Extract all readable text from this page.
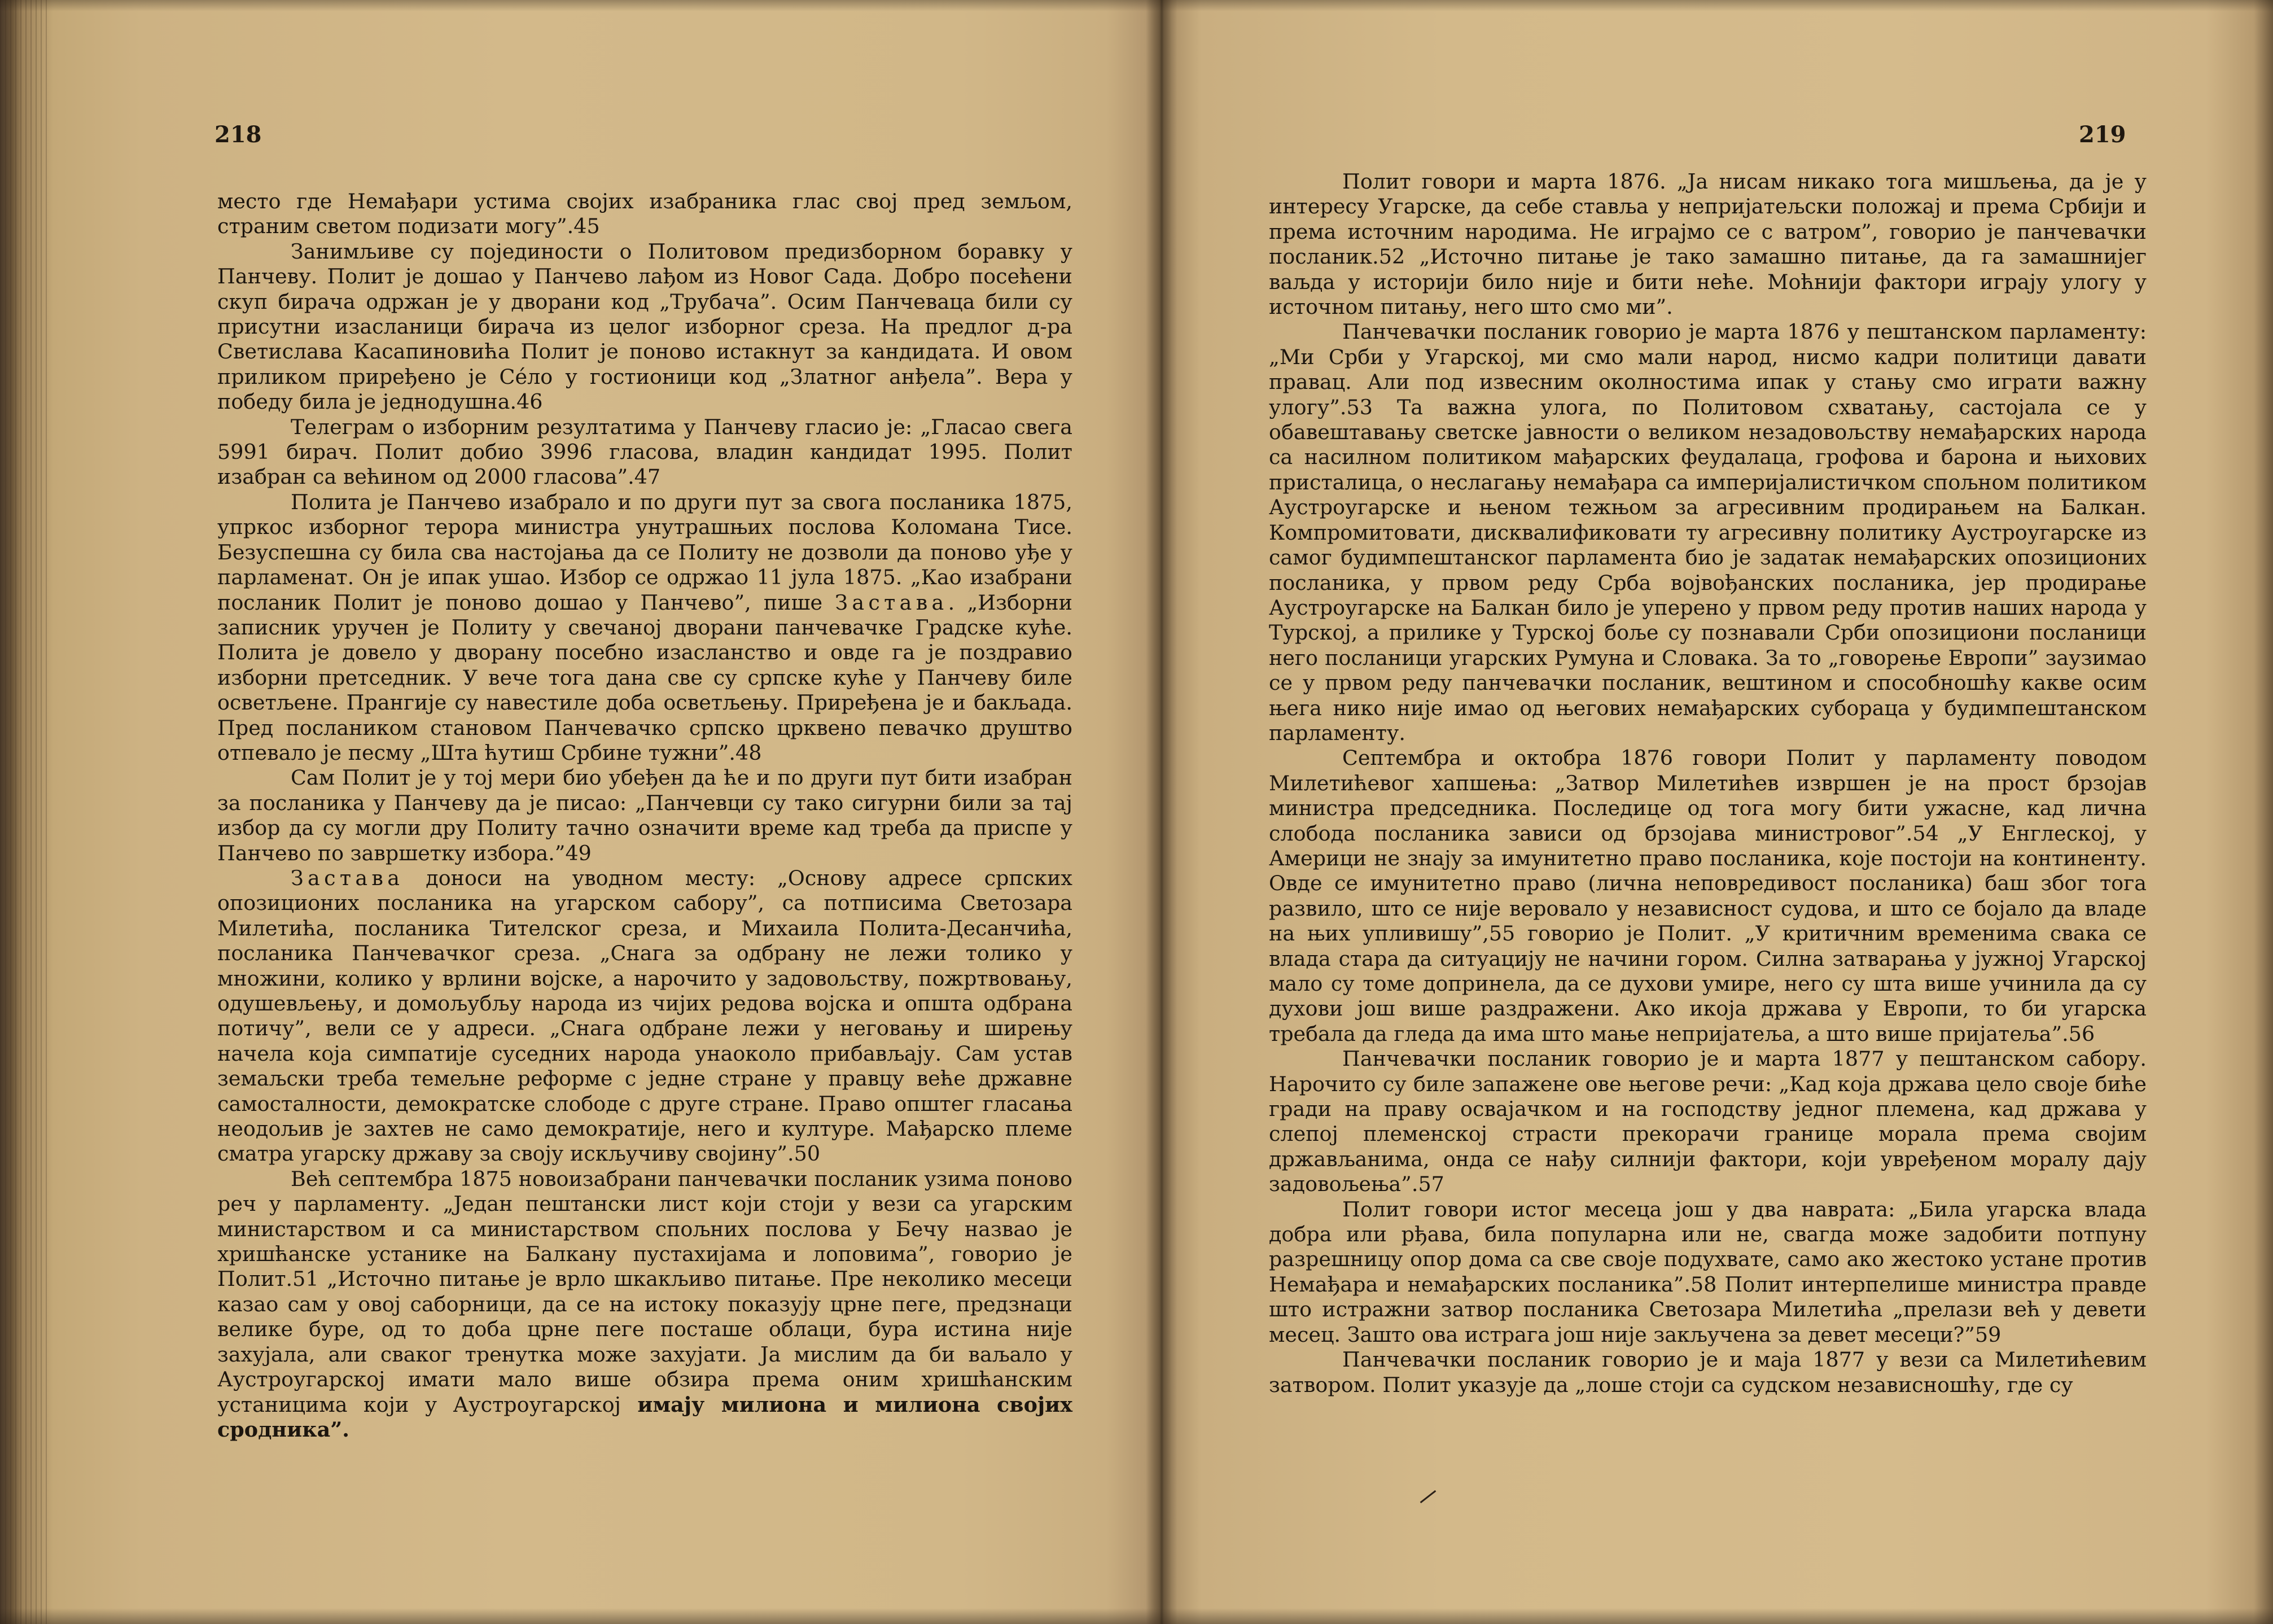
218

место где Немађари устима својих изабраника глас свој пред земљом, страним светом подизати могу”.45

Занимљиве су појединости о Политовом предизборном боравку у Панчеву. Полит је дошао у Панчево лађом из Новог Сада. Добро посећени скуп бирача одржан је у дворани код „Трубача”. Осим Панчеваца били су присутни изасланици бирача из целог изборног среза. На предлог д-ра Светислава Касапиновића Полит је поново истакнут за кандидата. И овом приликом приређено је Сéло у гостионици код „Златног анђела”. Вера у победу била је једнодушна.46

Телеграм о изборним резултатима у Панчеву гласио је: „Гласао свега 5991 бирач. Полит добио 3996 гласова, владин кандидат 1995. Полит изабран са већином од 2000 гласова”.47

Полита је Панчево изабрало и по други пут за свога посланика 1875, упркос изборног терора министра унутрашњих послова Коломана Тисе. Безуспешна су била сва настојања да се Политу не дозволи да поново уђе у парламенат. Он је ипак ушао. Избор се одржао 11 јула 1875. „Као изабрани посланик Полит је поново дошао у Панчево”, пише Застава. „Изборни записник уручен је Политу у свечаној дворани панчевачке Градске куће. Полита је довело у дворану посебно изасланство и овде га је поздравио изборни претседник. У вече тога дана све су српске куће у Панчеву биле осветљене. Прангије су навестиле доба осветљењу. Приређена је и бакљада. Пред послаником становом Панчевачко српско црквено певачко друштво отпевало је песму „Шта ћутиш Србине тужни”.48

Сам Полит је у тој мери био убеђен да ће и по други пут бити изабран за посланика у Панчеву да је писао: „Панчевци су тако сигурни били за тај избор да су могли дру Политу тачно означити време кад треба да приспе у Панчево по завршетку избора.”49

Застава доноси на уводном месту: „Основу адресе српских опозиционих посланика на угарском сабору”, са потписима Светозара Милетића, посланика Тителског среза, и Михаила Полита-Десанчића, посланика Панчевачког среза. „Снага за одбрану не лежи толико у множини, колико у врлини војске, а нарочито у задовољству, пожртвовању, одушевљењу, и домољубљу народа из чијих редова војска и општа одбрана потичу”, вели се у адреси. „Снага одбране лежи у неговању и ширењу начела која симпатије суседних народа унаоколо прибављају. Сам устав земаљски треба темељне реформе с једне стране у правцу веће државне самосталности, демократске слободе с друге стране. Право општег гласања неодољив је захтев не само демократије, него и културе. Мађарско племе сматра угарску државу за своју искључиву својину”.50

Већ септембра 1875 новоизабрани панчевачки посланик узима поново реч у парламенту. „Један пештански лист који стоји у вези са угарским министарством и са министарством спољних послова у Бечу назвао је хришћанске устанике на Балкану пустахијама и лоповима”, говорио је Полит.51 „Источно питање је врло шкакљиво питање. Пре неколико месеци казао сам у овој саборници, да се на истоку показују црне пеге, предзнаци велике буре, од то доба црне пеге посташе облаци, бура истина није захујала, али сваког тренутка може захујати. Ја мислим да би ваљало у Аустроугарској имати мало више обзира према оним хришћанским устаницима који у Аустроугарској имају милиона и милиона својих сродника”.

219

Полит говори и марта 1876. „Ја нисам никако тога мишљења, да је у интересу Угарске, да себе ставља у непријатељски положај и према Србији и према источним народима. Не играјмо се с ватром”, говорио је панчевачки посланик.52 „Источно питање је тако замашно питање, да га замашнијег ваљда у историји било није и бити неће. Моћнији фактори играју улогу у источном питању, него што смо ми”.

Панчевачки посланик говорио је марта 1876 у пештанском парламенту: „Ми Срби у Угарској, ми смо мали народ, нисмо кадри политици давати правац. Али под извесним околностима ипак у стању смо играти важну улогу”.53 Та важна улога, по Политовом схватању, састојала се у обавештавању светске јавности о великом незадовољству немађарских народа са насилном политиком мађарских феудалаца, грофова и барона и њихових присталица, о неслагању немађара са империјалистичком спољном политиком Аустроугарске и њеном тежњом за агресивним продирањем на Балкан. Компромитовати, дисквалификовати ту агресивну политику Аустроугарске из самог будимпештанског парламента био је задатак немађарских опозиционих посланика, у првом реду Срба војвођанских посланика, јер продирање Аустроугарске на Балкан било је уперено у првом реду против наших народа у Турској, а прилике у Турској боље су познавали Срби опозициони посланици него посланици угарских Румуна и Словака. За то „говорење Европи” заузимао се у првом реду панчевачки посланик, вештином и способношћу какве осим њега нико није имао од његових немађарских суборaца у будимпештанском парламенту.

Септембра и октобра 1876 говори Полит у парламенту поводом Милетићевог хапшења: „Затвор Милетићев извршен је на прост брзојав министра председника. Последице од тога могу бити ужасне, кад лична слобода посланика зависи од брзојава министровог”.54 „У Енглеској, у Америци не знају за имунитетно право посланика, које постоји на континенту. Овде се имунитетно право (лична неповредивост посланика) баш због тога развило, што се није веровало у независност судова, и што се бојало да владе на њих упливишу”,55 говорио је Полит. „У критичним временима свака се влада стара да ситуацију не начини гором. Силна затварања у јужној Угарској мало су томе допринела, да се духови умире, него су шта више учинила да су духови још више раздражени. Ако икоја држава у Европи, то би угарска требала да гледа да има што мање непријатеља, а што више пријатеља”.56

Панчевачки посланик говорио је и марта 1877 у пештанском сабору. Нарочито су биле запажене ове његове речи: „Кад која држава цело своје биће гради на праву освајачком и на господству једног племена, кад држава у слепој племенској страсти прекорачи границе морала према својим држављанима, онда се нађу силнији фактори, који увређеном моралу дају задовољења”.57

Полит говори истог месеца још у два наврата: „Била угарска влада добра или рђава, била популарна или не, свагда може задобити потпуну разрешницу опор дома са све своје подухвате, само ако жестоко устане против Немађара и немађарских посланика”.58 Полит интерпелише министра правде што истражни затвор посланика Светозара Милетића „прелази већ у девети месец. Зашто ова истрага још није закључена за девет месеци?”59

Панчевачки посланик говорио је и маја 1877 у вези са Милетићевим затвором. Полит указује да „лоше стоји са судском независношћу, где су
